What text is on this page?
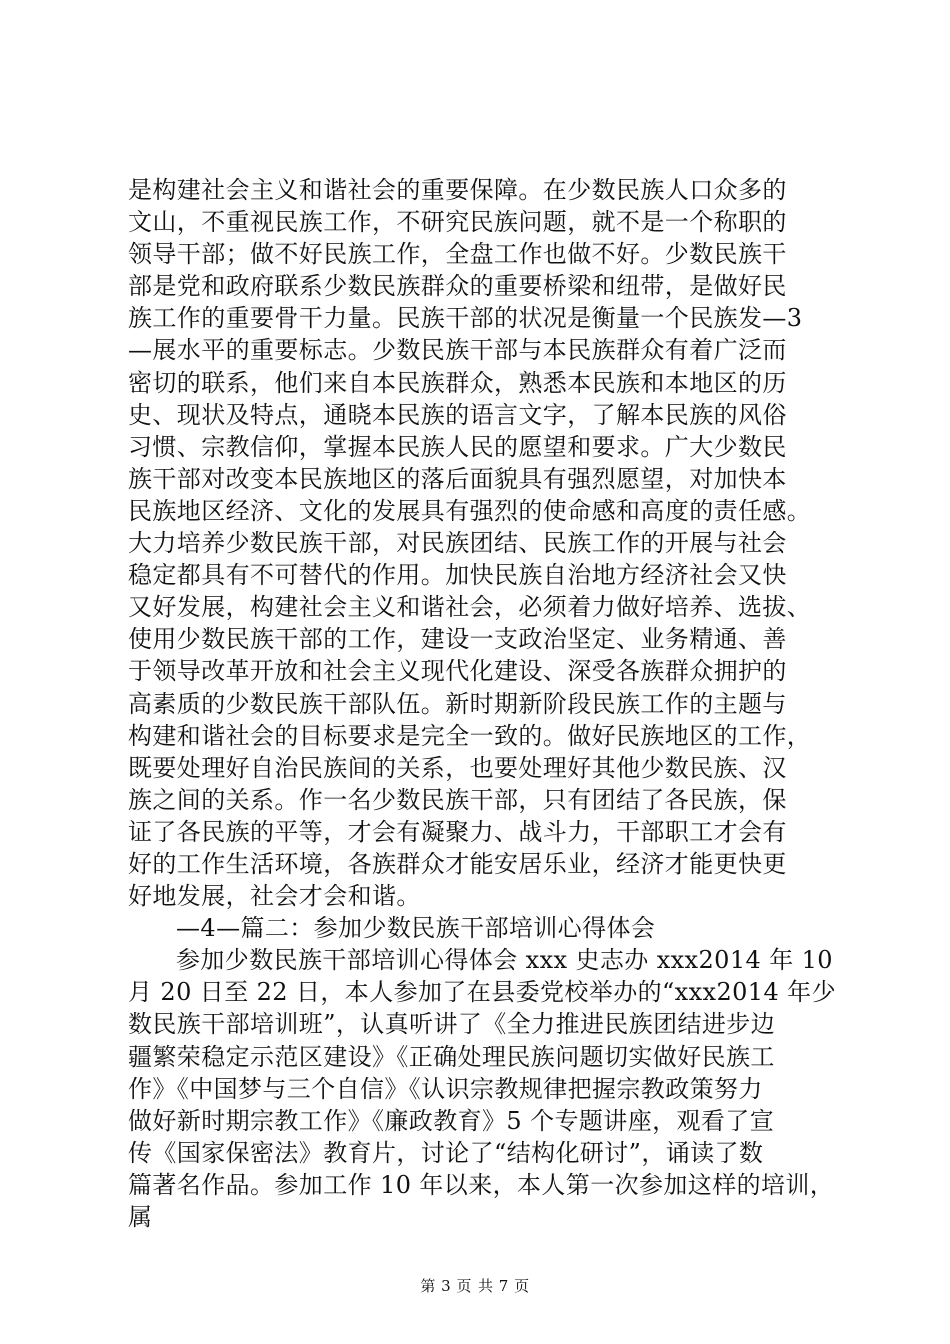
是构建社会主义和谐社会的重要保障。在少数民族人口众多的
文山，不重视民族工作，不研究民族问题，就不是一个称职的
领导干部；做不好民族工作，全盘工作也做不好。少数民族干
部是党和政府联系少数民族群众的重要桥梁和纽带，是做好民
族工作的重要骨干力量。民族干部的状况是衡量一个民族发—3
—展水平的重要标志。少数民族干部与本民族群众有着广泛而
密切的联系，他们来自本民族群众，熟悉本民族和本地区的历
史、现状及特点，通晓本民族的语言文字，了解本民族的风俗
习惯、宗教信仰，掌握本民族人民的愿望和要求。广大少数民
族干部对改变本民族地区的落后面貌具有强烈愿望，对加快本
民族地区经济、文化的发展具有强烈的使命感和高度的责任感。
大力培养少数民族干部，对民族团结、民族工作的开展与社会
稳定都具有不可替代的作用。加快民族自治地方经济社会又快
又好发展，构建社会主义和谐社会，必须着力做好培养、选拔、
使用少数民族干部的工作，建设一支政治坚定、业务精通、善
于领导改革开放和社会主义现代化建设、深受各族群众拥护的
高素质的少数民族干部队伍。新时期新阶段民族工作的主题与
构建和谐社会的目标要求是完全一致的。做好民族地区的工作，
既要处理好自治民族间的关系，也要处理好其他少数民族、汉
族之间的关系。作一名少数民族干部，只有团结了各民族，保
证了各民族的平等，才会有凝聚力、战斗力，干部职工才会有
好的工作生活环境，各族群众才能安居乐业，经济才能更快更
好地发展，社会才会和谐。
—4—篇二：参加少数民族干部培训心得体会
参加少数民族干部培训心得体会 xxx 史志办 xxx2014 年 10
月 20 日至 22 日，本人参加了在县委党校举办的“xxx2014 年少
数民族干部培训班”，认真听讲了《全力推进民族团结进步边
疆繁荣稳定示范区建设》《正确处理民族问题切实做好民族工
作》《中国梦与三个自信》《认识宗教规律把握宗教政策努力
做好新时期宗教工作》《廉政教育》5 个专题讲座，观看了宣
传《国家保密法》教育片，讨论了“结构化研讨”，诵读了数
篇著名作品。参加工作 10 年以来，本人第一次参加这样的培训，
属
第 3 页 共 7 页
